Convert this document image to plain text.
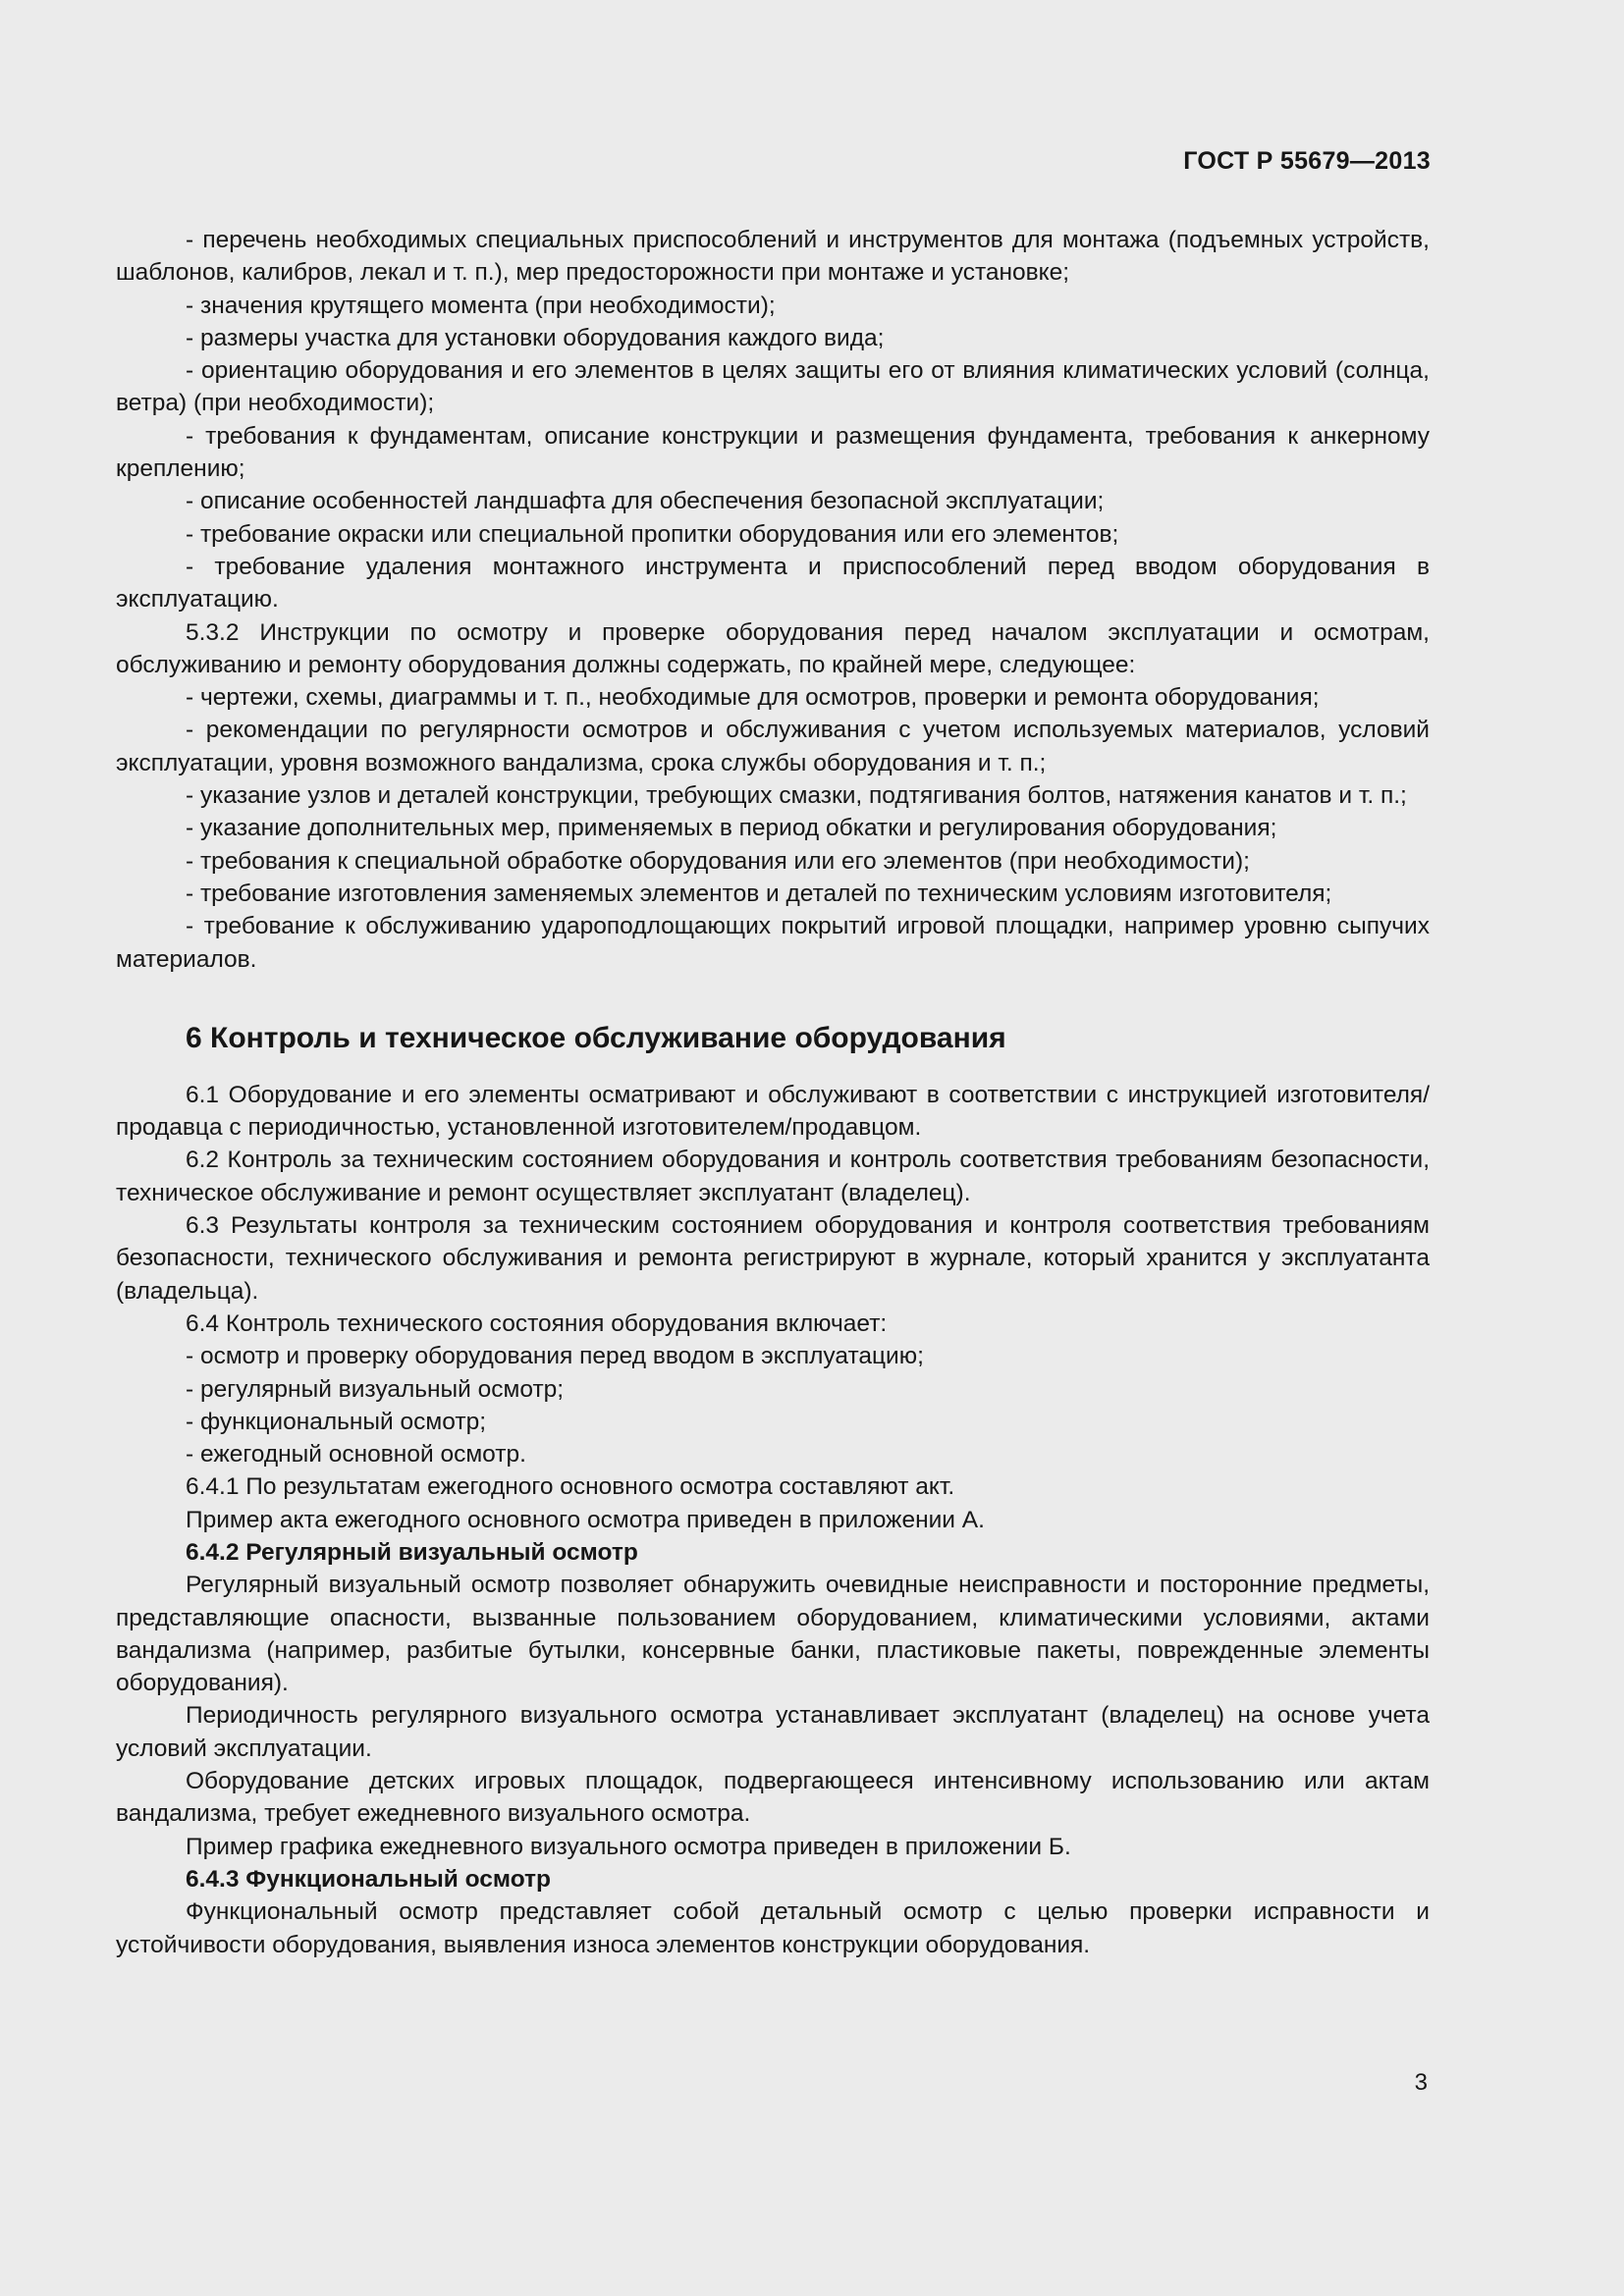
ГОСТ Р 55679—2013

- перечень необходимых специальных приспособлений и инструментов для монтажа (подъемных устройств, шаблонов, калибров, лекал и т. п.), мер предосторожности при монтаже и установке;

- значения крутящего момента (при необходимости);

- размеры участка для установки оборудования каждого вида;

- ориентацию оборудования и его элементов в целях защиты его от влияния климатических условий (солнца, ветра) (при необходимости);

- требования к фундаментам, описание конструкции и размещения фундамента, требования к анкерному креплению;

- описание особенностей ландшафта для обеспечения безопасной эксплуатации;

- требование окраски или специальной пропитки оборудования или его элементов;

- требование удаления монтажного инструмента и приспособлений перед вводом оборудования в эксплуатацию.

5.3.2 Инструкции по осмотру и проверке оборудования перед началом эксплуатации и осмотрам, обслуживанию и ремонту оборудования должны содержать, по крайней мере, следующее:

- чертежи, схемы, диаграммы и т. п., необходимые для осмотров, проверки и ремонта оборудования;

- рекомендации по регулярности осмотров и обслуживания с учетом используемых материалов, условий эксплуатации, уровня возможного вандализма, срока службы оборудования и т. п.;

- указание узлов и деталей конструкции, требующих смазки, подтягивания болтов, натяжения канатов и т. п.;

- указание дополнительных мер, применяемых в период обкатки и регулирования оборудования;

- требования к специальной обработке оборудования или его элементов (при необходимости);

- требование изготовления заменяемых элементов и деталей по техническим условиям изготовителя;

- требование к обслуживанию удароподлощающих покрытий игровой площадки, например уровню сыпучих материалов.

6 Контроль и техническое обслуживание оборудования

6.1 Оборудование и его элементы осматривают и обслуживают в соответствии с инструкцией изготовителя/продавца с периодичностью, установленной изготовителем/продавцом.

6.2 Контроль за техническим состоянием оборудования и контроль соответствия требованиям безопасности, техническое обслуживание и ремонт осуществляет эксплуатант (владелец).

6.3 Результаты контроля за техническим состоянием оборудования и контроля соответствия требованиям безопасности, технического обслуживания и ремонта регистрируют в журнале, который хранится у эксплуатанта (владельца).

6.4 Контроль технического состояния оборудования включает:

- осмотр и проверку оборудования перед вводом в эксплуатацию;

- регулярный визуальный осмотр;

- функциональный осмотр;

- ежегодный основной осмотр.

6.4.1 По результатам ежегодного основного осмотра составляют акт.

Пример акта ежегодного основного осмотра приведен в приложении А.

6.4.2 Регулярный визуальный осмотр

Регулярный визуальный осмотр позволяет обнаружить очевидные неисправности и посторонние предметы, представляющие опасности, вызванные пользованием оборудованием, климатическими условиями, актами вандализма (например, разбитые бутылки, консервные банки, пластиковые пакеты, поврежденные элементы оборудования).

Периодичность регулярного визуального осмотра устанавливает эксплуатант (владелец) на основе учета условий эксплуатации.

Оборудование детских игровых площадок, подвергающееся интенсивному использованию или актам вандализма, требует ежедневного визуального осмотра.

Пример графика ежедневного визуального осмотра приведен в приложении Б.

6.4.3 Функциональный осмотр

Функциональный осмотр представляет собой детальный осмотр с целью проверки исправности и устойчивости оборудования, выявления износа элементов конструкции оборудования.

3
